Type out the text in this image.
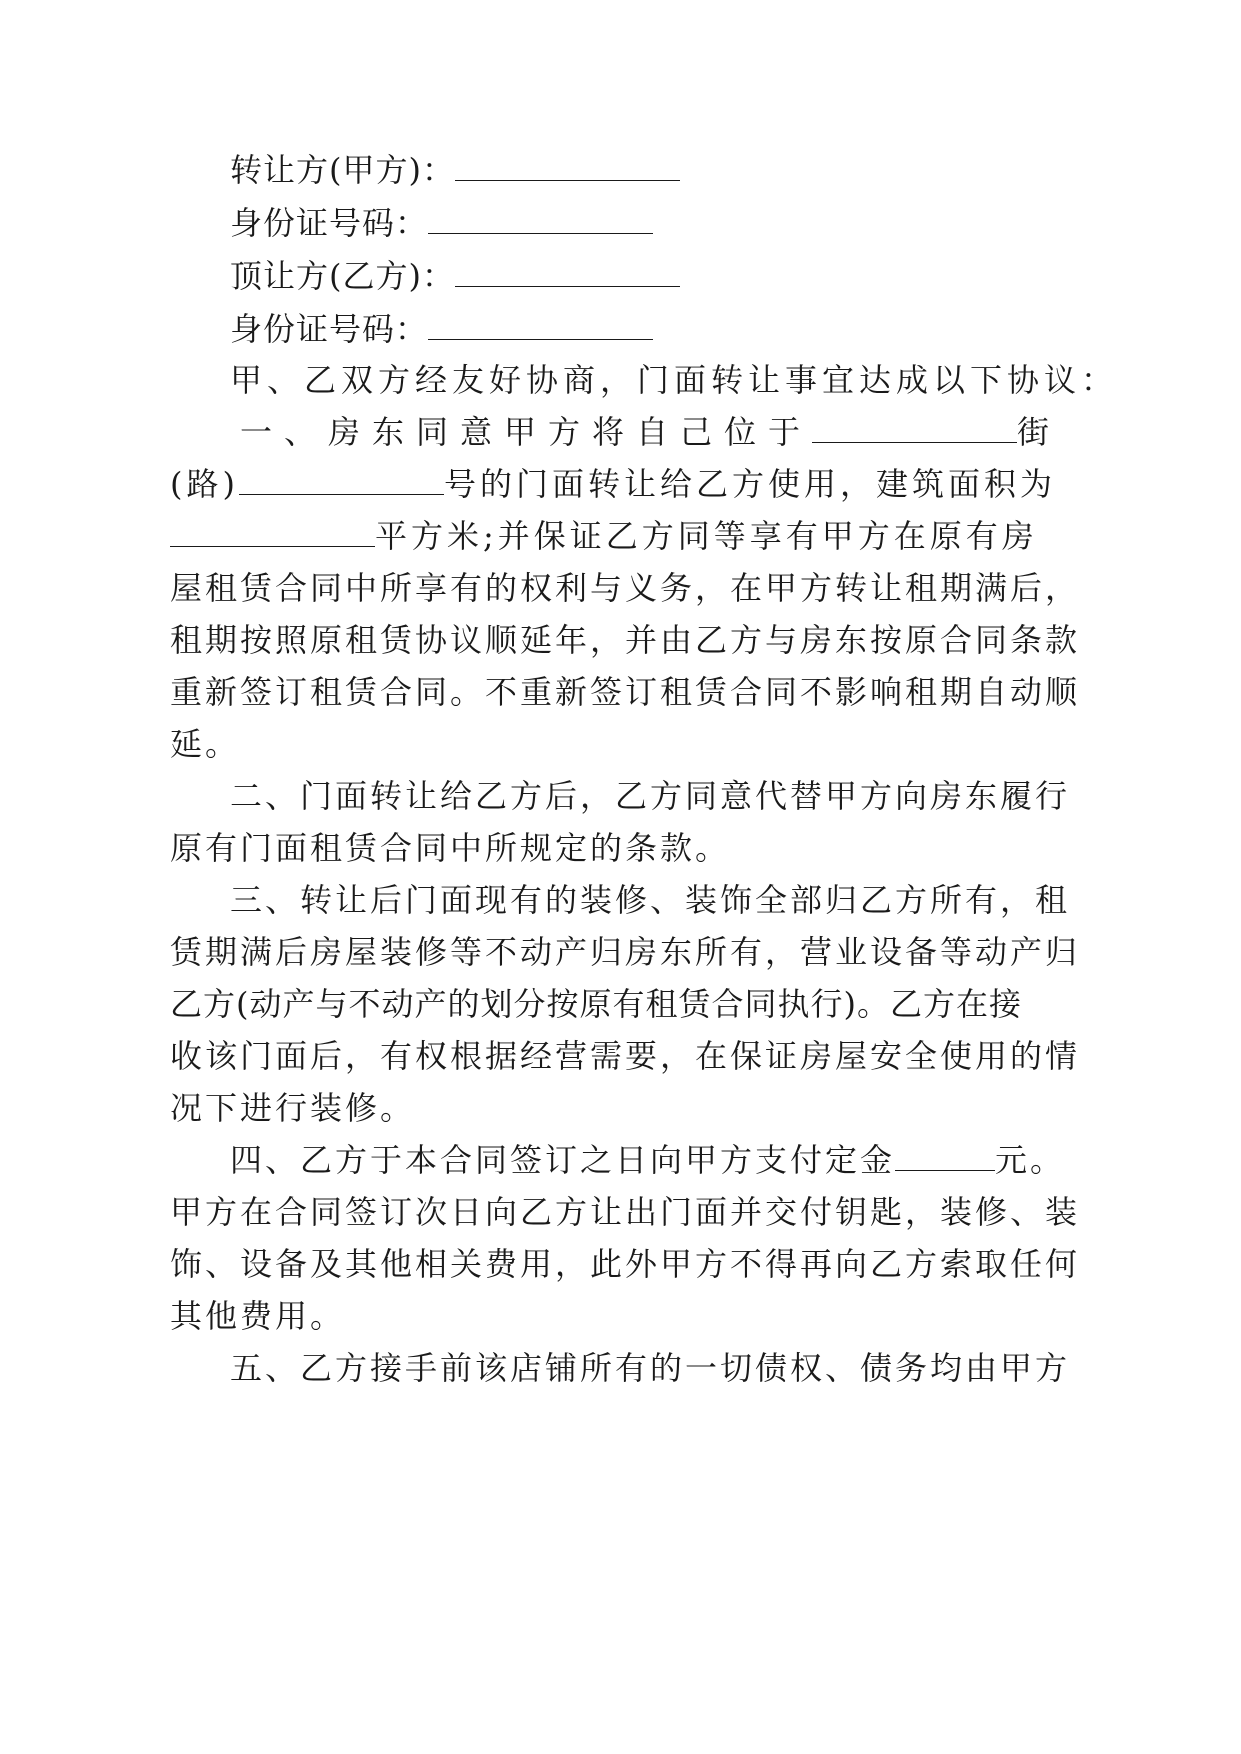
转让方(甲方)：
身份证号码：
顶让方(乙方)：
身份证号码：
甲、乙双方经友好协商，门面转让事宜达成以下协议：
一、房东同意甲方将自己位于	街
(路)	号的门面转让给乙方使用，建筑面积为
平方米;并保证乙方同等享有甲方在原有房
屋租赁合同中所享有的权利与义务，在甲方转让租期满后，
租期按照原租赁协议顺延年，并由乙方与房东按原合同条款
重新签订租赁合同。不重新签订租赁合同不影响租期自动顺
延。
二、门面转让给乙方后，乙方同意代替甲方向房东履行
原有门面租赁合同中所规定的条款。
三、转让后门面现有的装修、装饰全部归乙方所有，租
赁期满后房屋装修等不动产归房东所有，营业设备等动产归
乙方(动产与不动产的划分按原有租赁合同执行)。乙方在接
收该门面后，有权根据经营需要，在保证房屋安全使用的情
况下进行装修。
四、乙方于本合同签订之日向甲方支付定金	元。
甲方在合同签订次日向乙方让出门面并交付钥匙，装修、装
饰、设备及其他相关费用，此外甲方不得再向乙方索取任何
其他费用。
五、乙方接手前该店铺所有的一切债权、债务均由甲方
